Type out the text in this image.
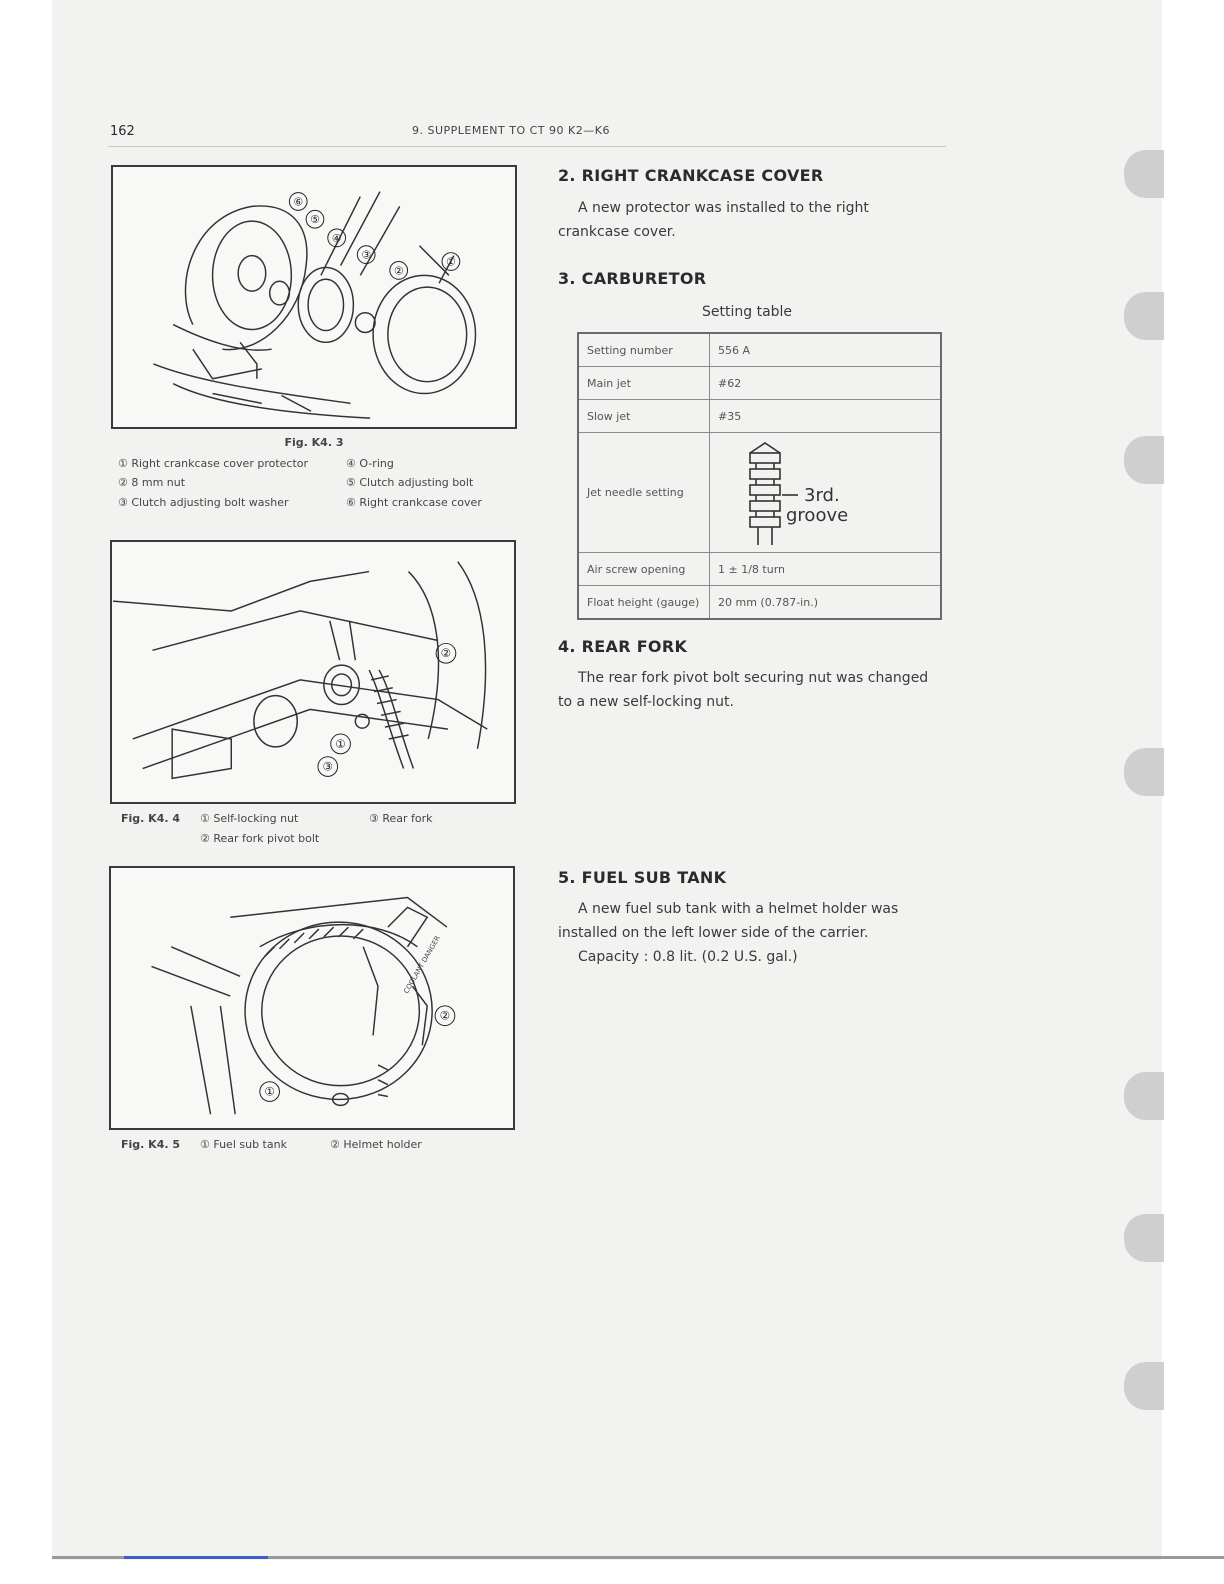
162	9. SUPPLEMENT TO CT 90 K2—K6
⑥
⑤
④
③
②
①
Fig. K4. 3
① Right crankcase cover protector	④ O-ring
② 8 mm nut	⑤ Clutch adjusting bolt
③ Clutch adjusting bolt washer	⑥ Right crankcase cover
②
①
③
Fig. K4. 4 ① Self-locking nut	③ Rear fork
② Rear fork pivot bolt
COOLANT DANGER
②
①
Fig. K4. 5 ① Fuel sub tank	② Helmet holder
2. RIGHT CRANKCASE COVER
A new protector was installed to the right
crankcase cover.
3. CARBURETOR
Setting table
Setting number	556 A
Main jet	#62
Slow jet	#35
Jet needle setting	3rd.
groove

Air screw opening	1 ± 1/8 turn
Float height (gauge)	20 mm (0.787-in.)
4. REAR FORK
The rear fork pivot bolt securing nut was changed
to a new self-locking nut.
5. FUEL SUB TANK
A new fuel sub tank with a helmet holder was
installed on the left lower side of the carrier.
Capacity : 0.8 lit. (0.2 U.S. gal.)
